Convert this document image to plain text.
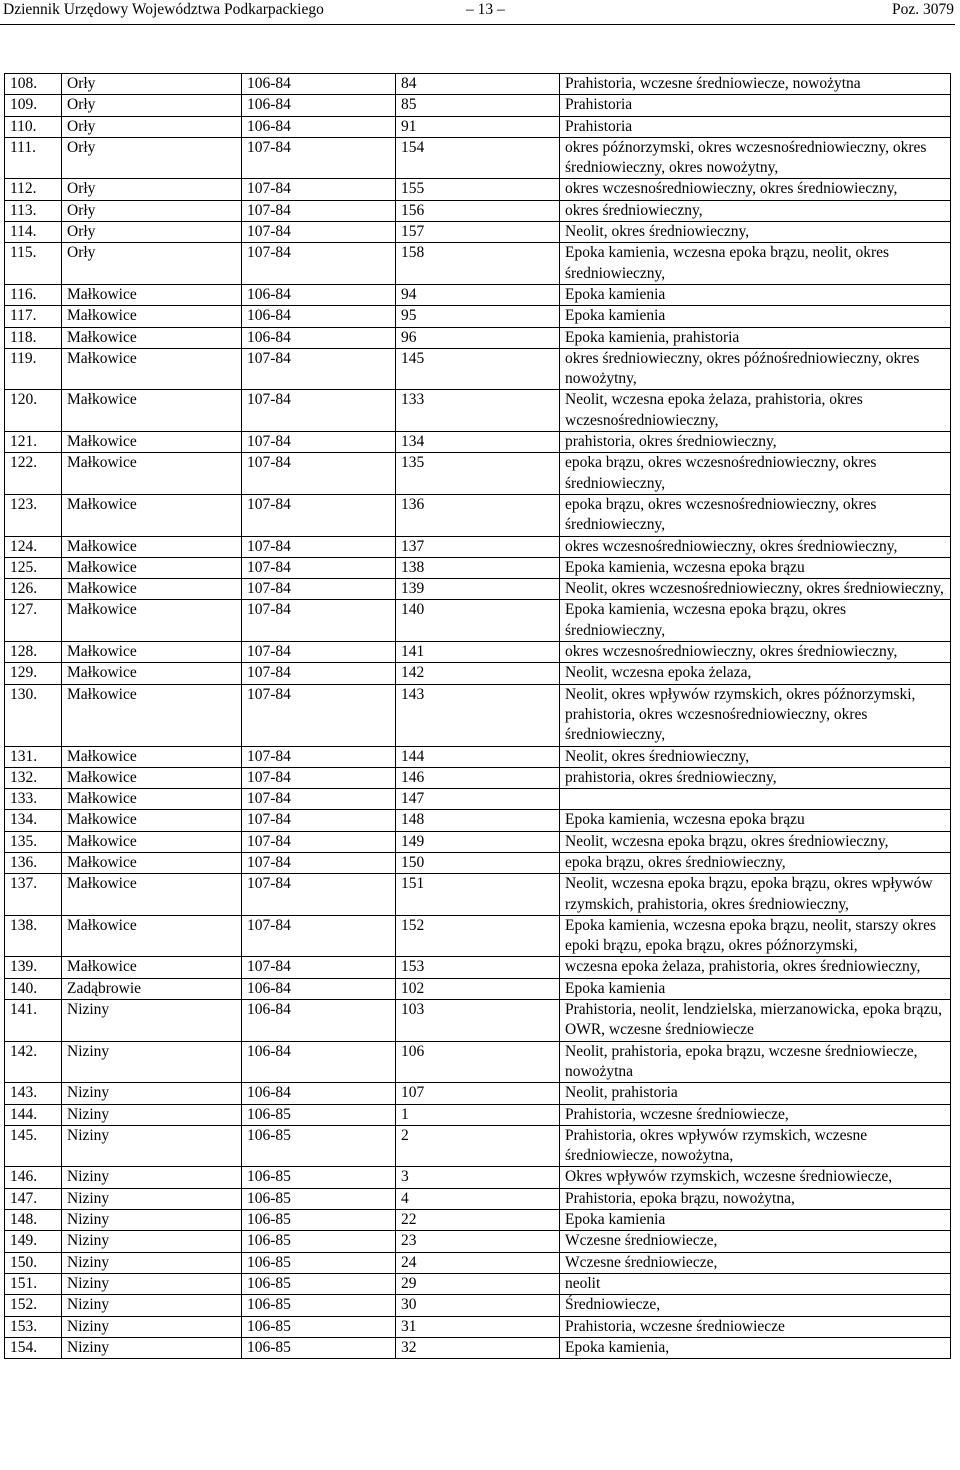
Dziennik Urzędowy Województwa Podkarpackiego	– 13 –	Poz. 3079
108.	Orły	106-84	84	Prahistoria, wczesne średniowiecze, nowożytna
109.	Orły	106-84	85	Prahistoria
110.	Orły	106-84	91	Prahistoria
111.	Orły	107-84	154	okres późnorzymski, okres wczesnośredniowieczny, okres średniowieczny, okres nowożytny,
112.	Orły	107-84	155	okres wczesnośredniowieczny, okres średniowieczny,
113.	Orły	107-84	156	okres średniowieczny,
114.	Orły	107-84	157	Neolit, okres średniowieczny,
115.	Orły	107-84	158	Epoka kamienia, wczesna epoka brązu, neolit, okres średniowieczny,
116.	Małkowice	106-84	94	Epoka kamienia
117.	Małkowice	106-84	95	Epoka kamienia
118.	Małkowice	106-84	96	Epoka kamienia, prahistoria
119.	Małkowice	107-84	145	okres średniowieczny, okres późnośredniowieczny, okres nowożytny,
120.	Małkowice	107-84	133	Neolit, wczesna epoka żelaza, prahistoria, okres wczesnośredniowieczny,
121.	Małkowice	107-84	134	prahistoria, okres średniowieczny,
122.	Małkowice	107-84	135	epoka brązu, okres wczesnośredniowieczny, okres średniowieczny,
123.	Małkowice	107-84	136	epoka brązu, okres wczesnośredniowieczny, okres średniowieczny,
124.	Małkowice	107-84	137	okres wczesnośredniowieczny, okres średniowieczny,
125.	Małkowice	107-84	138	Epoka kamienia, wczesna epoka brązu
126.	Małkowice	107-84	139	Neolit, okres wczesnośredniowieczny, okres średniowieczny,
127.	Małkowice	107-84	140	Epoka kamienia, wczesna epoka brązu, okres średniowieczny,
128.	Małkowice	107-84	141	okres wczesnośredniowieczny, okres średniowieczny,
129.	Małkowice	107-84	142	Neolit, wczesna epoka żelaza,
130.	Małkowice	107-84	143	Neolit, okres wpływów rzymskich, okres późnorzymski, prahistoria, okres wczesnośredniowieczny, okres średniowieczny,
131.	Małkowice	107-84	144	Neolit, okres średniowieczny,
132.	Małkowice	107-84	146	prahistoria, okres średniowieczny,
133.	Małkowice	107-84	147	
134.	Małkowice	107-84	148	Epoka kamienia, wczesna epoka brązu
135.	Małkowice	107-84	149	Neolit, wczesna epoka brązu, okres średniowieczny,
136.	Małkowice	107-84	150	epoka brązu, okres średniowieczny,
137.	Małkowice	107-84	151	Neolit, wczesna epoka brązu, epoka brązu, okres wpływów rzymskich, prahistoria, okres średniowieczny,
138.	Małkowice	107-84	152	Epoka kamienia, wczesna epoka brązu, neolit, starszy okres epoki brązu, epoka brązu, okres późnorzymski,
139.	Małkowice	107-84	153	wczesna epoka żelaza, prahistoria, okres średniowieczny,
140.	Zadąbrowie	106-84	102	Epoka kamienia
141.	Niziny	106-84	103	Prahistoria, neolit, lendzielska, mierzanowicka, epoka brązu, OWR, wczesne średniowiecze
142.	Niziny	106-84	106	Neolit, prahistoria, epoka brązu, wczesne średniowiecze, nowożytna
143.	Niziny	106-84	107	Neolit, prahistoria
144.	Niziny	106-85	1	Prahistoria, wczesne średniowiecze,
145.	Niziny	106-85	2	Prahistoria, okres wpływów rzymskich, wczesne średniowiecze, nowożytna,
146.	Niziny	106-85	3	Okres wpływów rzymskich, wczesne średniowiecze,
147.	Niziny	106-85	4	Prahistoria, epoka brązu, nowożytna,
148.	Niziny	106-85	22	Epoka kamienia
149.	Niziny	106-85	23	Wczesne średniowiecze,
150.	Niziny	106-85	24	Wczesne średniowiecze,
151.	Niziny	106-85	29	neolit
152.	Niziny	106-85	30	Średniowiecze,
153.	Niziny	106-85	31	Prahistoria, wczesne średniowiecze
154.	Niziny	106-85	32	Epoka kamienia,
